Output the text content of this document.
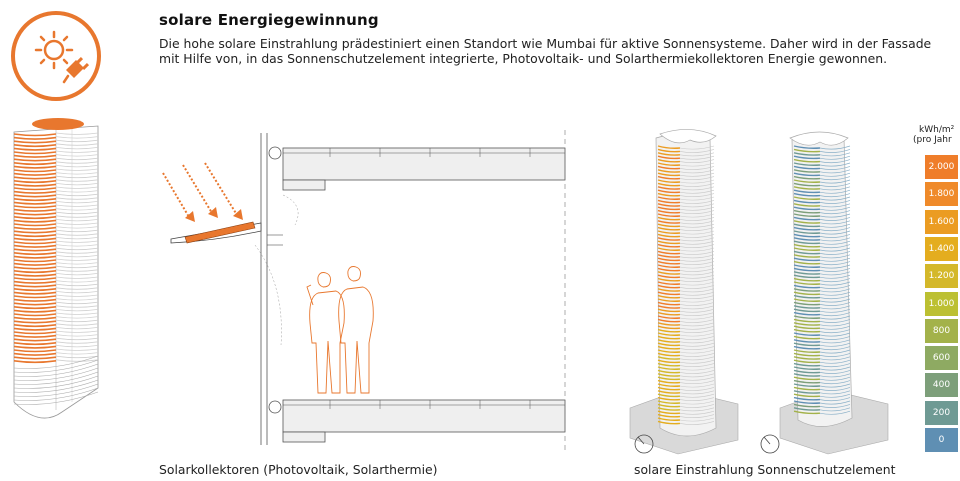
solare Energiegewinnung
Die hohe solare Einstrahlung prädestiniert einen Standort wie Mumbai für aktive Sonnensysteme. Daher wird in der Fassade mit Hilfe von, in das Sonnenschutzelement integrierte, Photovoltaik- und Solarthermiekollektoren Energie gewonnen.
kWh/m²
(pro Jahr
2.000
1.800
1.600
1.400
1.200
1.000
800
600
400
200
0
Solarkollektoren (Photovoltaik, Solarthermie)	solare Einstrahlung Sonnenschutzelement
